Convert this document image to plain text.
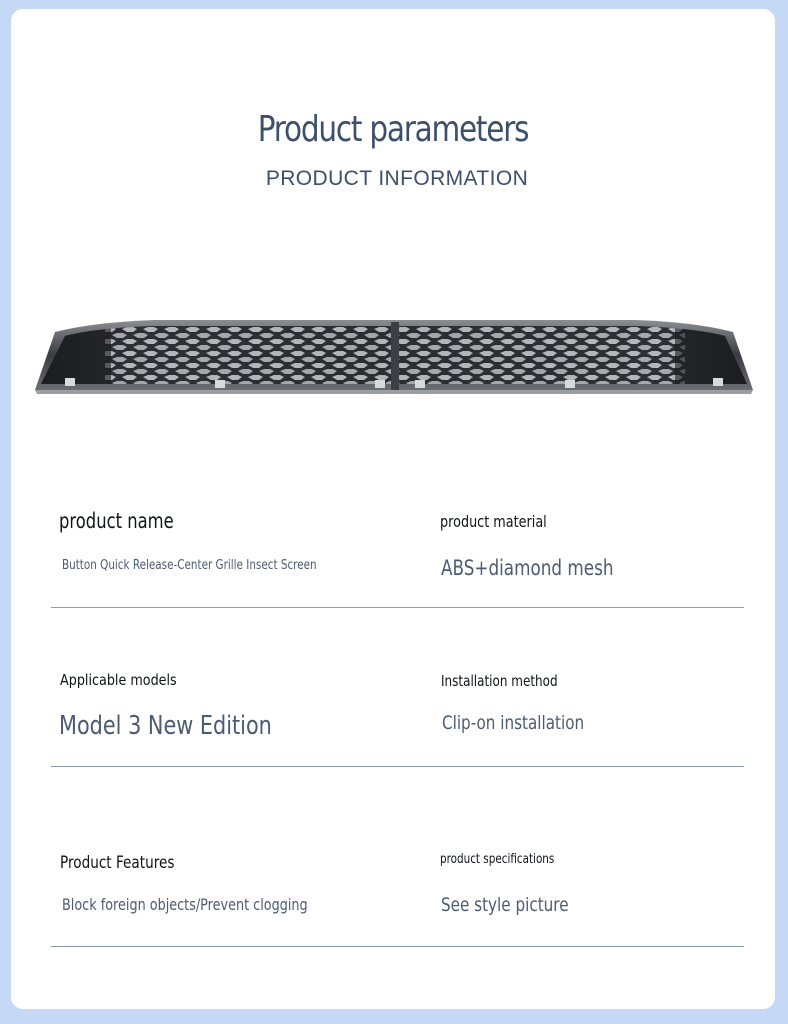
Product parameters
PRODUCT INFORMATION
product name
Button Quick Release-Center Grille Insect Screen
product material
ABS+diamond mesh
Applicable models
Model 3 New Edition
Installation method
Clip-on installation
Product Features
Block foreign objects/Prevent clogging
product specifications
See style picture
